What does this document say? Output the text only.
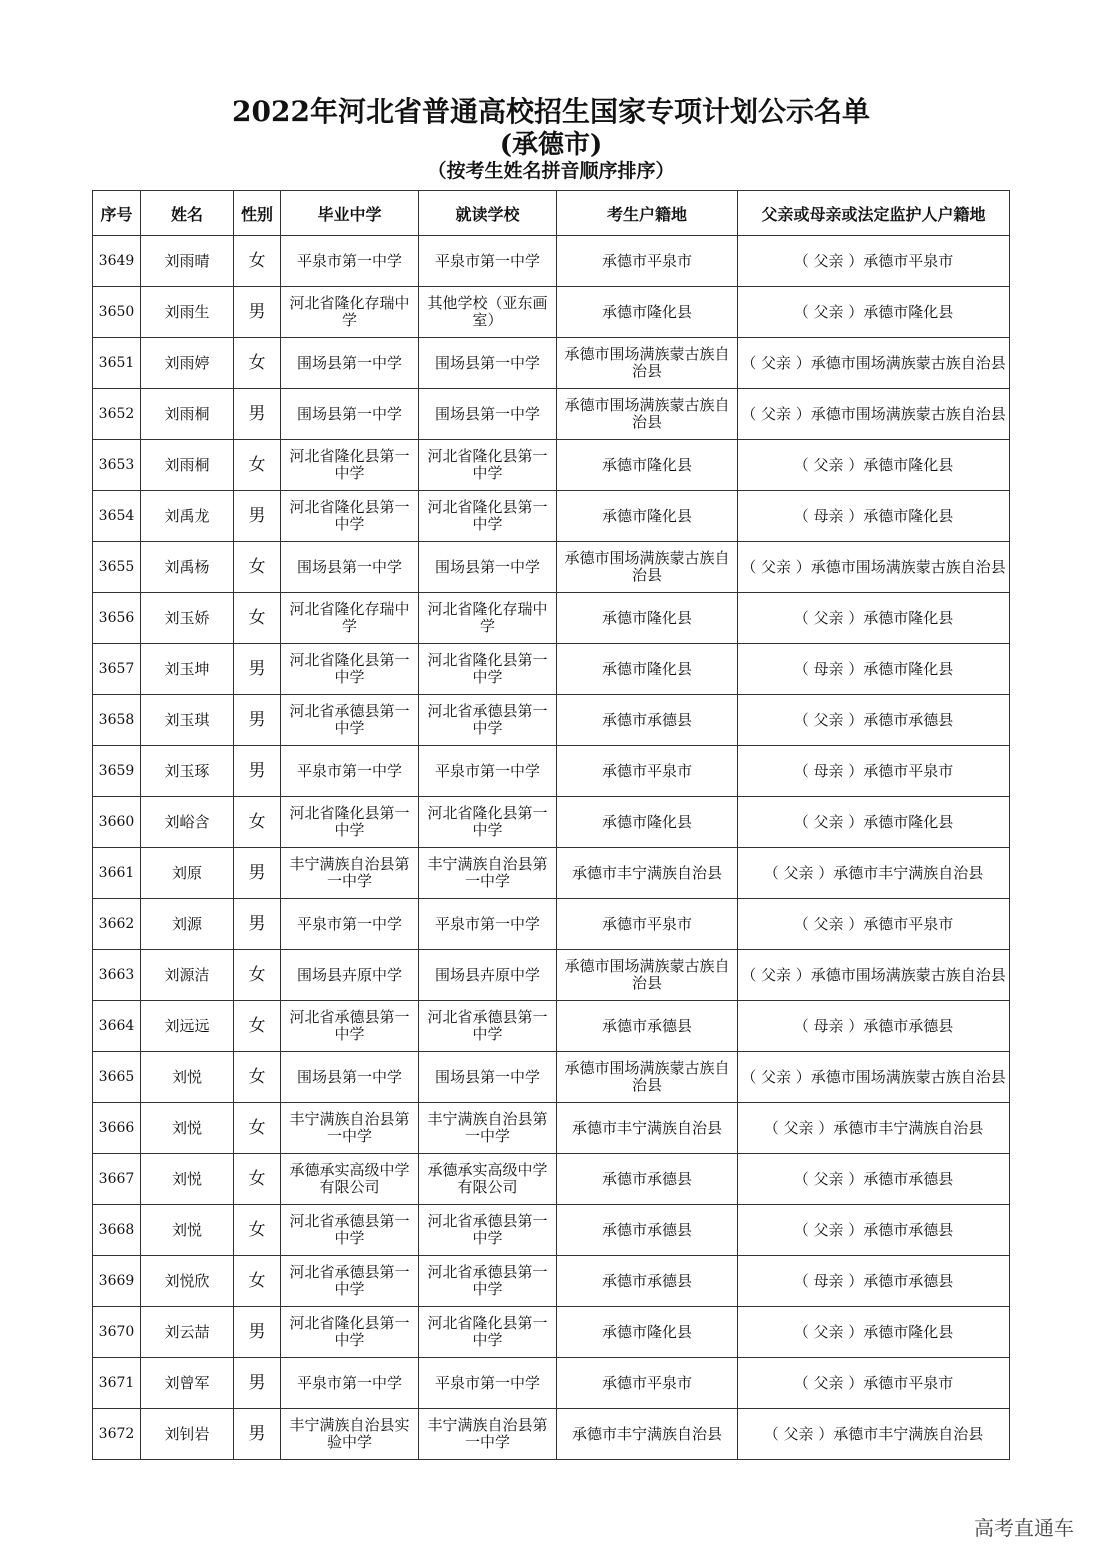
2022年河北省普通高校招生国家专项计划公示名单
(承德市)
（按考生姓名拼音顺序排序）
序号	姓名	性别	毕业中学	就读学校	考生户籍地	父亲或母亲或法定监护人户籍地
3649	刘雨晴	女	平泉市第一中学	平泉市第一中学	承德市平泉市	（ 父亲 ）承德市平泉市
3650	刘雨生	男	河北省隆化存瑞中学	其他学校（亚东画室）	承德市隆化县	（ 父亲 ）承德市隆化县
3651	刘雨婷	女	围场县第一中学	围场县第一中学	承德市围场满族蒙古族自治县	（ 父亲 ）承德市围场满族蒙古族自治县
3652	刘雨桐	男	围场县第一中学	围场县第一中学	承德市围场满族蒙古族自治县	（ 父亲 ）承德市围场满族蒙古族自治县
3653	刘雨桐	女	河北省隆化县第一中学	河北省隆化县第一中学	承德市隆化县	（ 父亲 ）承德市隆化县
3654	刘禹龙	男	河北省隆化县第一中学	河北省隆化县第一中学	承德市隆化县	（ 母亲 ）承德市隆化县
3655	刘禹杨	女	围场县第一中学	围场县第一中学	承德市围场满族蒙古族自治县	（ 父亲 ）承德市围场满族蒙古族自治县
3656	刘玉娇	女	河北省隆化存瑞中学	河北省隆化存瑞中学	承德市隆化县	（ 父亲 ）承德市隆化县
3657	刘玉坤	男	河北省隆化县第一中学	河北省隆化县第一中学	承德市隆化县	（ 母亲 ）承德市隆化县
3658	刘玉琪	男	河北省承德县第一中学	河北省承德县第一中学	承德市承德县	（ 父亲 ）承德市承德县
3659	刘玉琢	男	平泉市第一中学	平泉市第一中学	承德市平泉市	（ 母亲 ）承德市平泉市
3660	刘峪含	女	河北省隆化县第一中学	河北省隆化县第一中学	承德市隆化县	（ 父亲 ）承德市隆化县
3661	刘原	男	丰宁满族自治县第一中学	丰宁满族自治县第一中学	承德市丰宁满族自治县	（ 父亲 ）承德市丰宁满族自治县
3662	刘源	男	平泉市第一中学	平泉市第一中学	承德市平泉市	（ 父亲 ）承德市平泉市
3663	刘源洁	女	围场县卉原中学	围场县卉原中学	承德市围场满族蒙古族自治县	（ 父亲 ）承德市围场满族蒙古族自治县
3664	刘远远	女	河北省承德县第一中学	河北省承德县第一中学	承德市承德县	（ 母亲 ）承德市承德县
3665	刘悦	女	围场县第一中学	围场县第一中学	承德市围场满族蒙古族自治县	（ 父亲 ）承德市围场满族蒙古族自治县
3666	刘悦	女	丰宁满族自治县第一中学	丰宁满族自治县第一中学	承德市丰宁满族自治县	（ 父亲 ）承德市丰宁满族自治县
3667	刘悦	女	承德承实高级中学有限公司	承德承实高级中学有限公司	承德市承德县	（ 父亲 ）承德市承德县
3668	刘悦	女	河北省承德县第一中学	河北省承德县第一中学	承德市承德县	（ 父亲 ）承德市承德县
3669	刘悦欣	女	河北省承德县第一中学	河北省承德县第一中学	承德市承德县	（ 母亲 ）承德市承德县
3670	刘云喆	男	河北省隆化县第一中学	河北省隆化县第一中学	承德市隆化县	（ 父亲 ）承德市隆化县
3671	刘曾军	男	平泉市第一中学	平泉市第一中学	承德市平泉市	（ 父亲 ）承德市平泉市
3672	刘钊岩	男	丰宁满族自治县实验中学	丰宁满族自治县第一中学	承德市丰宁满族自治县	（ 父亲 ）承德市丰宁满族自治县
高考直通车
